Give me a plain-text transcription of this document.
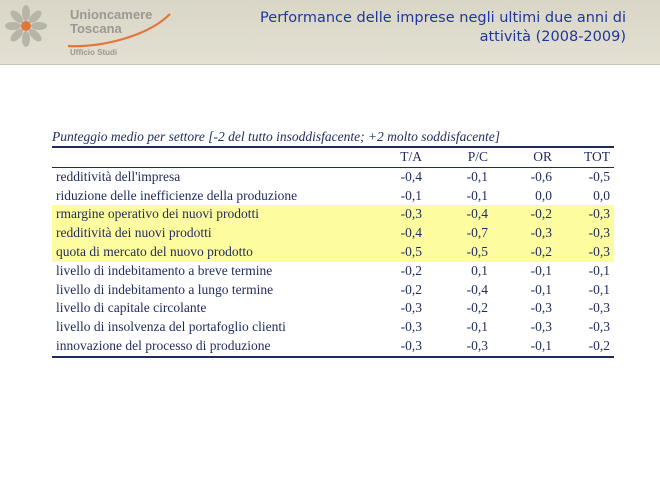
Unioncamere
Toscana
Ufficio Studi
Performance delle imprese negli ultimi due anni di attività (2008-2009)
Punteggio medio per settore [-2 del tutto insoddisfacente; +2 molto soddisfacente]
	T/A	P/C	OR	TOT
redditività dell'impresa	-0,4	-0,1	-0,6	-0,5
riduzione delle inefficienze della produzione	-0,1	-0,1	0,0	0,0
rmargine operativo dei nuovi prodotti	-0,3	-0,4	-0,2	-0,3
redditività dei nuovi prodotti	-0,4	-0,7	-0,3	-0,3
quota di mercato del nuovo prodotto	-0,5	-0,5	-0,2	-0,3
livello di indebitamento a breve termine	-0,2	0,1	-0,1	-0,1
livello di indebitamento a lungo termine	-0,2	-0,4	-0,1	-0,1
livello di capitale circolante	-0,3	-0,2	-0,3	-0,3
livello di insolvenza del portafoglio clienti	-0,3	-0,1	-0,3	-0,3
innovazione del processo di produzione	-0,3	-0,3	-0,1	-0,2
